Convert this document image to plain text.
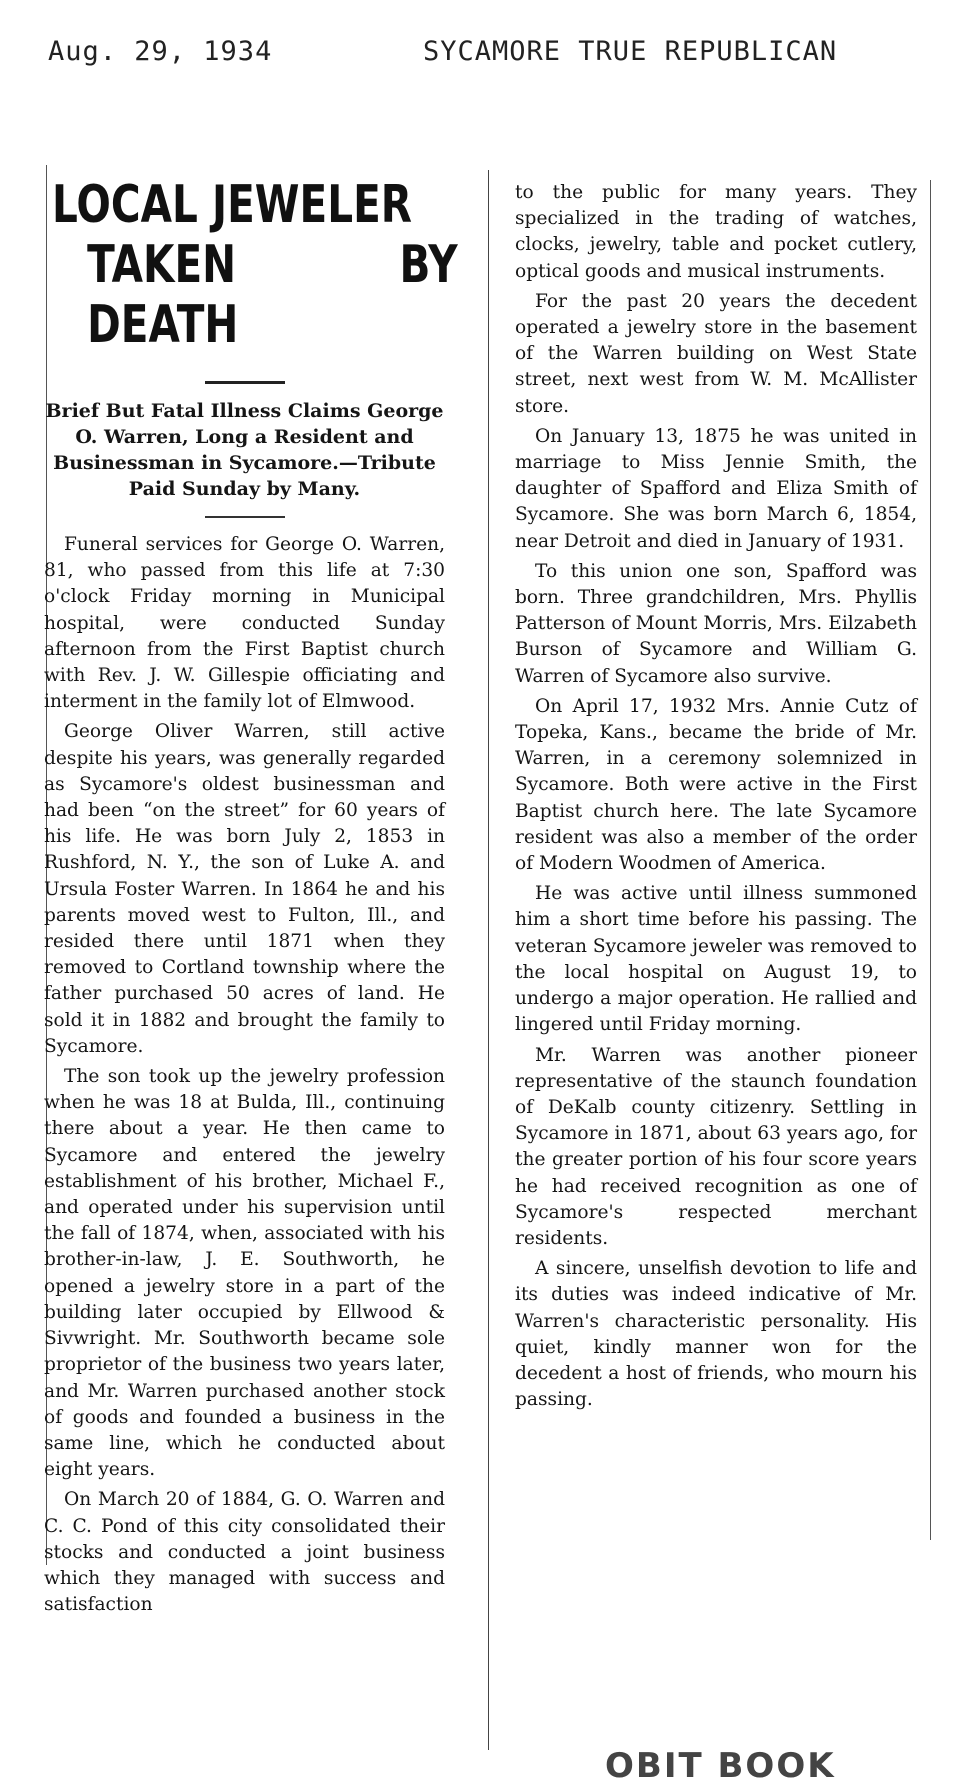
Aug. 29, 1934	SYCAMORE TRUE REPUBLICAN
LOCAL JEWELER
TAKEN BY DEATH
Brief But Fatal Illness Claims George O. Warren, Long a Resident and Businessman in Sycamore.—Tribute Paid Sunday by Many.

Funeral services for George O. Warren, 81, who passed from this life at 7:30 o'clock Friday morning in Municipal hospital, were conducted Sunday afternoon from the First Baptist church with Rev. J. W. Gillespie officiating and interment in the family lot of Elmwood.

George Oliver Warren, still active despite his years, was generally regarded as Sycamore's oldest businessman and had been “on the street” for 60 years of his life. He was born July 2, 1853 in Rushford, N. Y., the son of Luke A. and Ursula Foster Warren. In 1864 he and his parents moved west to Fulton, Ill., and resided there until 1871 when they removed to Cortland township where the father purchased 50 acres of land. He sold it in 1882 and brought the family to Sycamore.

The son took up the jewelry profession when he was 18 at Bulda, Ill., continuing there about a year. He then came to Sycamore and entered the jewelry establishment of his brother, Michael F., and operated under his supervision until the fall of 1874, when, associated with his brother-in-law, J. E. Southworth, he opened a jewelry store in a part of the building later occupied by Ellwood & Sivwright. Mr. Southworth became sole proprietor of the business two years later, and Mr. Warren purchased another stock of goods and founded a business in the same line, which he conducted about eight years.

On March 20 of 1884, G. O. Warren and C. C. Pond of this city consolidated their stocks and conducted a joint business which they managed with success and satisfaction

to the public for many years. They specialized in the trading of watches, clocks, jewelry, table and pocket cutlery, optical goods and musical instruments.

For the past 20 years the decedent operated a jewelry store in the basement of the Warren building on West State street, next west from W. M. McAllister store.

On January 13, 1875 he was united in marriage to Miss Jennie Smith, the daughter of Spafford and Eliza Smith of Sycamore. She was born March 6, 1854, near Detroit and died in January of 1931.

To this union one son, Spafford was born. Three grandchildren, Mrs. Phyllis Patterson of Mount Morris, Mrs. Eilzabeth Burson of Sycamore and William G. Warren of Sycamore also survive.

On April 17, 1932 Mrs. Annie Cutz of Topeka, Kans., became the bride of Mr. Warren, in a ceremony solemnized in Sycamore. Both were active in the First Baptist church here. The late Sycamore resident was also a member of the order of Modern Woodmen of America.

He was active until illness summoned him a short time before his passing. The veteran Sycamore jeweler was removed to the local hospital on August 19, to undergo a major operation. He rallied and lingered until Friday morning.

Mr. Warren was another pioneer representative of the staunch foundation of DeKalb county citizenry. Settling in Sycamore in 1871, about 63 years ago, for the greater portion of his four score years he had received recognition as one of Sycamore's respected merchant residents.

A sincere, unselfish devotion to life and its duties was indeed indicative of Mr. Warren's characteristic personality. His quiet, kindly manner won for the decedent a host of friends, who mourn his passing.

OBIT BOOK
